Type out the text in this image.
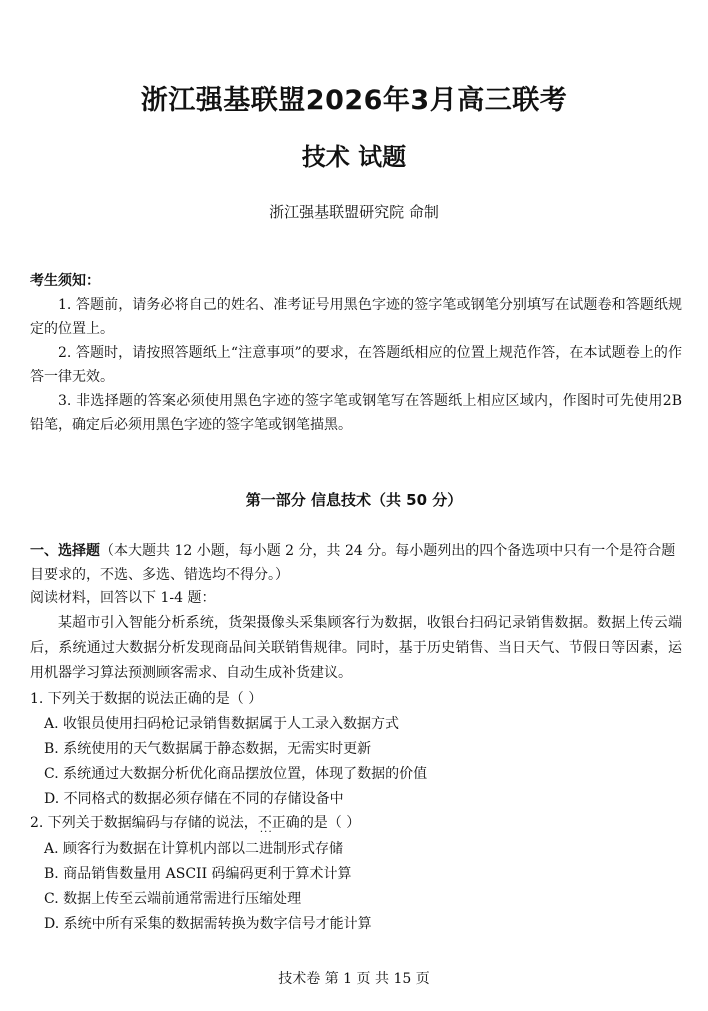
浙江强基联盟2026年3月高三联考
技术 试题
浙江强基联盟研究院 命制
考生须知：

1. 答题前，请务必将自己的姓名、准考证号用黑色字迹的签字笔或钢笔分别填写在试题卷和答题纸规定的位置上。

2. 答题时，请按照答题纸上“注意事项”的要求，在答题纸相应的位置上规范作答，在本试题卷上的作答一律无效。

3. 非选择题的答案必须使用黑色字迹的签字笔或钢笔写在答题纸上相应区域内，作图时可先使用2B铅笔，确定后必须用黑色字迹的签字笔或钢笔描黑。

第一部分 信息技术（共 50 分）

一、选择题（本大题共 12 小题，每小题 2 分，共 24 分。每小题列出的四个备选项中只有一个是符合题目要求的，不选、多选、错选均不得分。）

阅读材料，回答以下 1-4 题：

某超市引入智能分析系统，货架摄像头采集顾客行为数据，收银台扫码记录销售数据。数据上传云端后，系统通过大数据分析发现商品间关联销售规律。同时，基于历史销售、当日天气、节假日等因素，运用机器学习算法预测顾客需求、自动生成补货建议。

1. 下列关于数据的说法正确的是（ ）
A. 收银员使用扫码枪记录销售数据属于人工录入数据方式
B. 系统使用的天气数据属于静态数据，无需实时更新
C. 系统通过大数据分析优化商品摆放位置，体现了数据的价值
D. 不同格式的数据必须存储在不同的存储设备中
2. 下列关于数据编码与存储的说法，不正确 · · ·的是（ ）
A. 顾客行为数据在计算机内部以二进制形式存储
B. 商品销售数量用 ASCII 码编码更利于算术计算
C. 数据上传至云端前通常需进行压缩处理
D. 系统中所有采集的数据需转换为数字信号才能计算
技术卷 第 1 页 共 15 页
